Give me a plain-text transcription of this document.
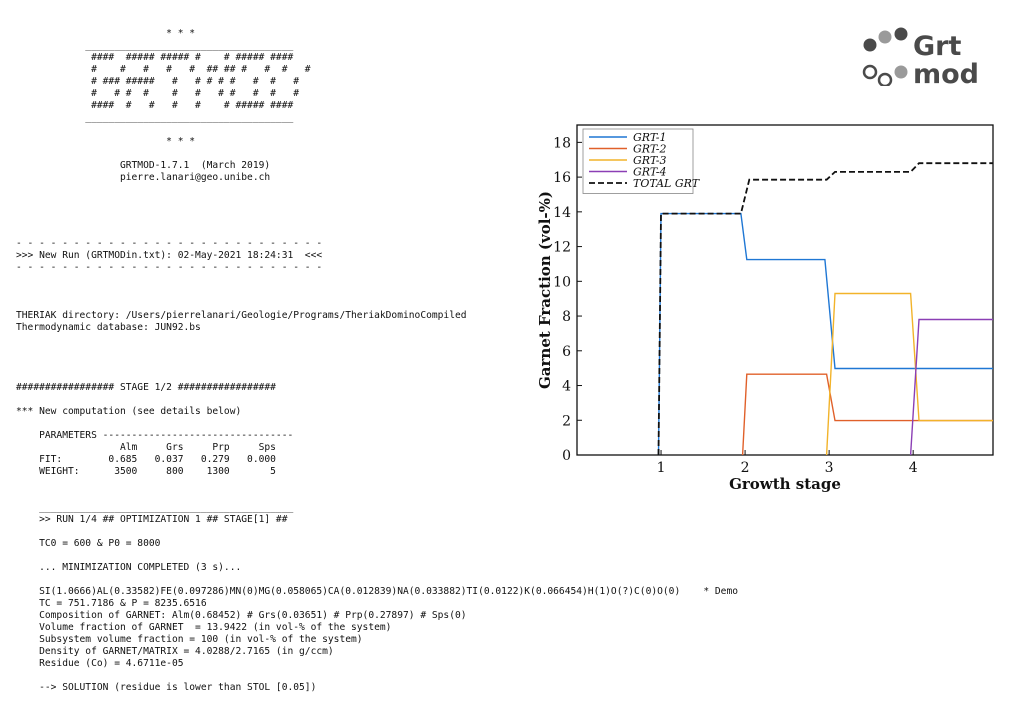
* * *
____________________________________
####  ##### ##### #    # ##### ####
#    #   #   #   #  ## ## #   #  #   #
# ### #####   #   # # # #   #  #   #
#   # #  #    #   #   # #   #  #   #
####  #   #   #   #    # ##### ####
____________________________________

* * *

GRTMOD-1.7.1  (March 2019)
pierre.lanari@geo.unibe.ch
- - - - - - - - - - - - - - - - - - - - - - - - - - -
>>> New Run (GRTMODin.txt): 02-May-2021 18:24:31  <<<
- - - - - - - - - - - - - - - - - - - - - - - - - - -

THERIAK directory: /Users/pierrelanari/Geologie/Programs/TheriakDominoCompiled
Thermodynamic database: JUN92.bs

################# STAGE 1/2 #################

*** New computation (see details below)

PARAMETERS ---------------------------------
Alm     Grs     Prp     Sps
FIT:        0.685   0.037   0.279   0.000
WEIGHT:      3500     800    1300       5

____________________________________________
>> RUN 1/4 ## OPTIMIZATION 1 ## STAGE[1] ##

TC0 = 600 & P0 = 8000

... MINIMIZATION COMPLETED (3 s)...

SI(1.0666)AL(0.33582)FE(0.097286)MN(0)MG(0.058065)CA(0.012839)NA(0.033882)TI(0.0122)K(0.066454)H(1)O(?)C(0)O(0)    * Demo
TC = 751.7186 & P = 8235.6516
Composition of GARNET: Alm(0.68452) # Grs(0.03651) # Prp(0.27897) # Sps(0)
Volume fraction of GARNET  = 13.9422 (in vol-% of the system)
Subsystem volume fraction = 100 (in vol-% of the system)
Density of GARNET/MATRIX = 4.0288/2.7165 (in g/ccm)
Residue (Co) = 4.6711e-05

--> SOLUTION (residue is lower than STOL [0.05])
Grt
mod
0
2
4
6
8
10
12
14
16
18
1	2	3	4
Growth stage
Garnet Fraction (vol-%)
GRT-1
GRT-2
GRT-3
GRT-4
TOTAL GRT
